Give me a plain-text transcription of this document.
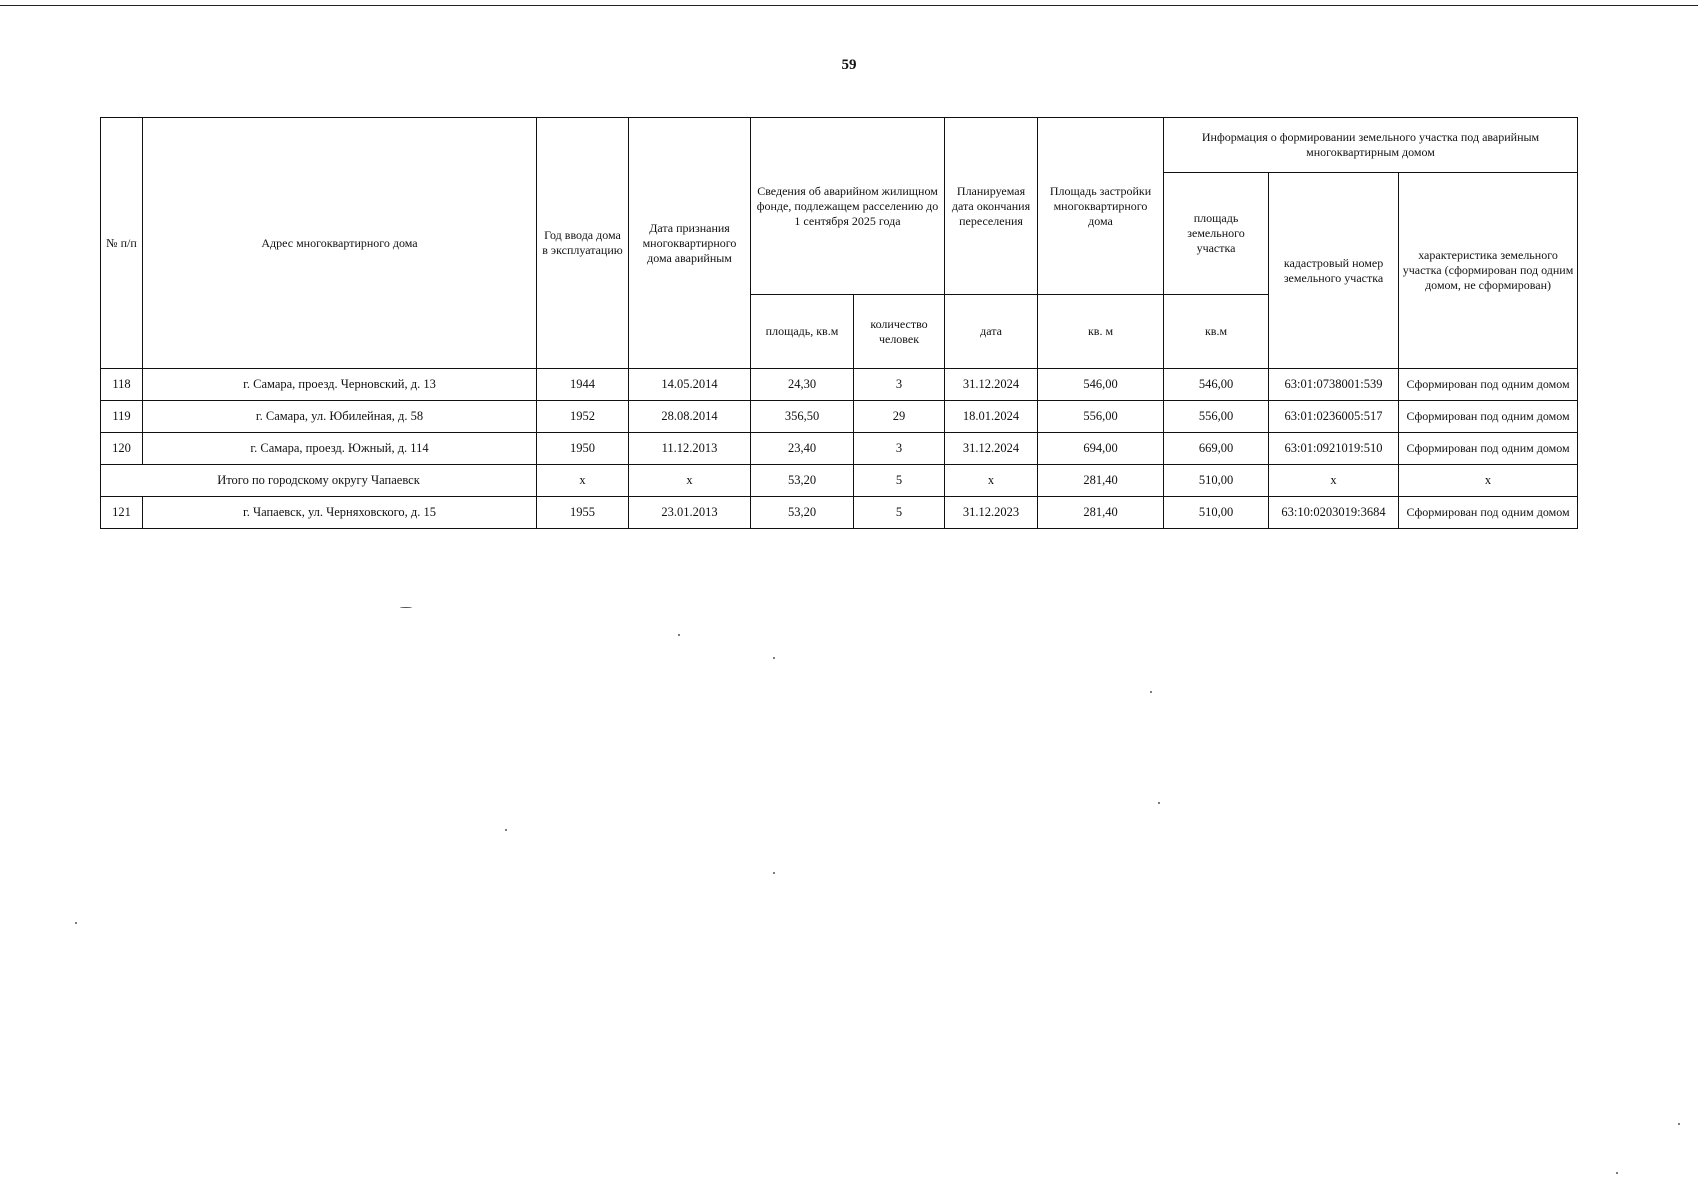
59
№ п/п	Адрес многоквартирного дома	Год ввода дома в эксплуатацию	Дата признания многоквартирного дома аварийным	Сведения об аварийном жилищном фонде, подлежащем расселению до 1 сентября 2025 года		Планируемая дата окончания переселения	Площадь застройки многоквартирного дома	Информация о формировании земельного участка под аварийным многоквартирным домом		
								площадь земельного участка	кадастровый номер земельного участка	характеристика земельного участка (сформирован под одним домом, не сформирован)
				площадь, кв.м	количество человек	дата	кв. м	кв.м		
118	г. Самара, проезд. Черновский, д. 13	1944	14.05.2014	24,30	3	31.12.2024	546,00	546,00	63:01:0738001:539	Сформирован под одним домом
119	г. Самара, ул. Юбилейная, д. 58	1952	28.08.2014	356,50	29	18.01.2024	556,00	556,00	63:01:0236005:517	Сформирован под одним домом
120	г. Самара, проезд. Южный, д. 114	1950	11.12.2013	23,40	3	31.12.2024	694,00	669,00	63:01:0921019:510	Сформирован под одним домом
Итого по городскому округу Чапаевск		x	x	53,20	5	x	281,40	510,00	x	x
121	г. Чапаевск, ул. Черняховского, д. 15	1955	23.01.2013	53,20	5	31.12.2023	281,40	510,00	63:10:0203019:3684	Сформирован под одним домом
